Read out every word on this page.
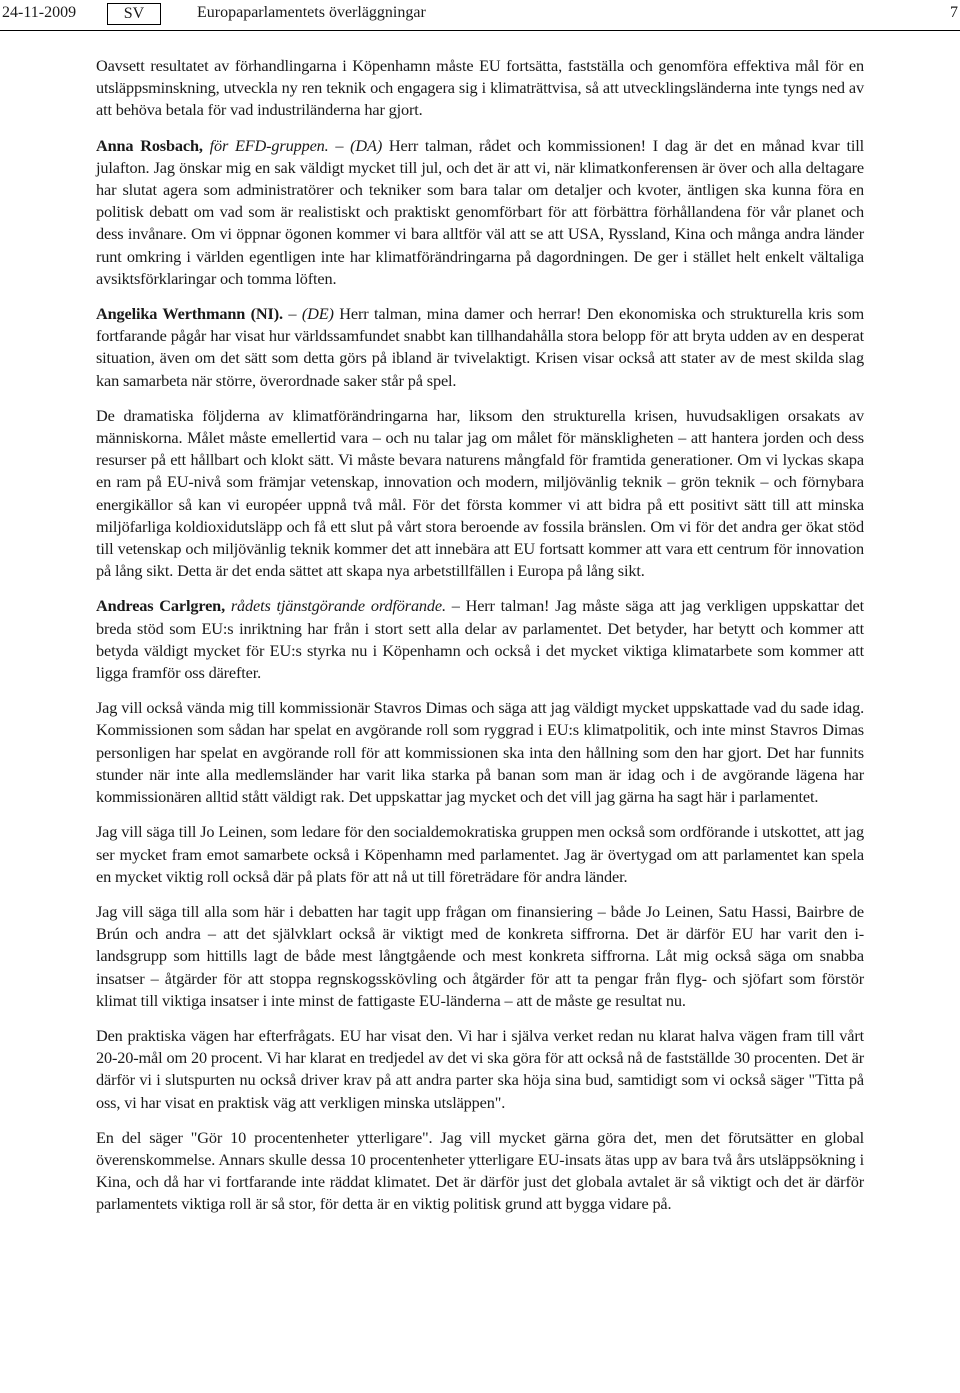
24-11-2009	SV	Europaparlamentets överläggningar	7

Oavsett resultatet av förhandlingarna i Köpenhamn måste EU fortsätta, fastställa och genomföra effektiva mål för en utsläppsminskning, utveckla ny ren teknik och engagera sig i klimaträttvisa, så att utvecklingsländerna inte tyngs ned av att behöva betala för vad industriländerna har gjort.

Anna Rosbach, för EFD-gruppen. – (DA) Herr talman, rådet och kommissionen! I dag är det en månad kvar till julafton. Jag önskar mig en sak väldigt mycket till jul, och det är att vi, när klimatkonferensen är över och alla deltagare har slutat agera som administratörer och tekniker som bara talar om detaljer och kvoter, äntligen ska kunna föra en politisk debatt om vad som är realistiskt och praktiskt genomförbart för att förbättra förhållandena för vår planet och dess invånare. Om vi öppnar ögonen kommer vi bara alltför väl att se att USA, Ryssland, Kina och många andra länder runt omkring i världen egentligen inte har klimatförändringarna på dagordningen. De ger i stället helt enkelt vältaliga avsiktsförklaringar och tomma löften.

Angelika Werthmann (NI). – (DE) Herr talman, mina damer och herrar! Den ekonomiska och strukturella kris som fortfarande pågår har visat hur världssamfundet snabbt kan tillhandahålla stora belopp för att bryta udden av en desperat situation, även om det sätt som detta görs på ibland är tvivelaktigt. Krisen visar också att stater av de mest skilda slag kan samarbeta när större, överordnade saker står på spel.

De dramatiska följderna av klimatförändringarna har, liksom den strukturella krisen, huvudsakligen orsakats av människorna. Målet måste emellertid vara – och nu talar jag om målet för mänskligheten – att hantera jorden och dess resurser på ett hållbart och klokt sätt. Vi måste bevara naturens mångfald för framtida generationer. Om vi lyckas skapa en ram på EU-nivå som främjar vetenskap, innovation och modern, miljövänlig teknik – grön teknik – och förnybara energikällor så kan vi européer uppnå två mål. För det första kommer vi att bidra på ett positivt sätt till att minska miljöfarliga koldioxidutsläpp och få ett slut på vårt stora beroende av fossila bränslen. Om vi för det andra ger ökat stöd till vetenskap och miljövänlig teknik kommer det att innebära att EU fortsatt kommer att vara ett centrum för innovation på lång sikt. Detta är det enda sättet att skapa nya arbetstillfällen i Europa på lång sikt.

Andreas Carlgren, rådets tjänstgörande ordförande. – Herr talman! Jag måste säga att jag verkligen uppskattar det breda stöd som EU:s inriktning har från i stort sett alla delar av parlamentet. Det betyder, har betytt och kommer att betyda väldigt mycket för EU:s styrka nu i Köpenhamn och också i det mycket viktiga klimatarbete som kommer att ligga framför oss därefter.

Jag vill också vända mig till kommissionär Stavros Dimas och säga att jag väldigt mycket uppskattade vad du sade idag. Kommissionen som sådan har spelat en avgörande roll som ryggrad i EU:s klimatpolitik, och inte minst Stavros Dimas personligen har spelat en avgörande roll för att kommissionen ska inta den hållning som den har gjort. Det har funnits stunder när inte alla medlemsländer har varit lika starka på banan som man är idag och i de avgörande lägena har kommissionären alltid stått väldigt rak. Det uppskattar jag mycket och det vill jag gärna ha sagt här i parlamentet.

Jag vill säga till Jo Leinen, som ledare för den socialdemokratiska gruppen men också som ordförande i utskottet, att jag ser mycket fram emot samarbete också i Köpenhamn med parlamentet. Jag är övertygad om att parlamentet kan spela en mycket viktig roll också där på plats för att nå ut till företrädare för andra länder.

Jag vill säga till alla som här i debatten har tagit upp frågan om finansiering – både Jo Leinen, Satu Hassi, Bairbre de Brún och andra – att det självklart också är viktigt med de konkreta siffrorna. Det är därför EU har varit den i-landsgrupp som hittills lagt de både mest långtgående och mest konkreta siffrorna. Låt mig också säga om snabba insatser – åtgärder för att stoppa regnskogsskövling och åtgärder för att ta pengar från flyg- och sjöfart som förstör klimat till viktiga insatser i inte minst de fattigaste EU-länderna – att de måste ge resultat nu.

Den praktiska vägen har efterfrågats. EU har visat den. Vi har i själva verket redan nu klarat halva vägen fram till vårt 20-20-mål om 20 procent. Vi har klarat en tredjedel av det vi ska göra för att också nå de fastställde 30 procenten. Det är därför vi i slutspurten nu också driver krav på att andra parter ska höja sina bud, samtidigt som vi också säger "Titta på oss, vi har visat en praktisk väg att verkligen minska utsläppen".

En del säger "Gör 10 procentenheter ytterligare". Jag vill mycket gärna göra det, men det förutsätter en global överenskommelse. Annars skulle dessa 10 procentenheter ytterligare EU-insats ätas upp av bara två års utsläppsökning i Kina, och då har vi fortfarande inte räddat klimatet. Det är därför just det globala avtalet är så viktigt och det är därför parlamentets viktiga roll är så stor, för detta är en viktig politisk grund att bygga vidare på.
